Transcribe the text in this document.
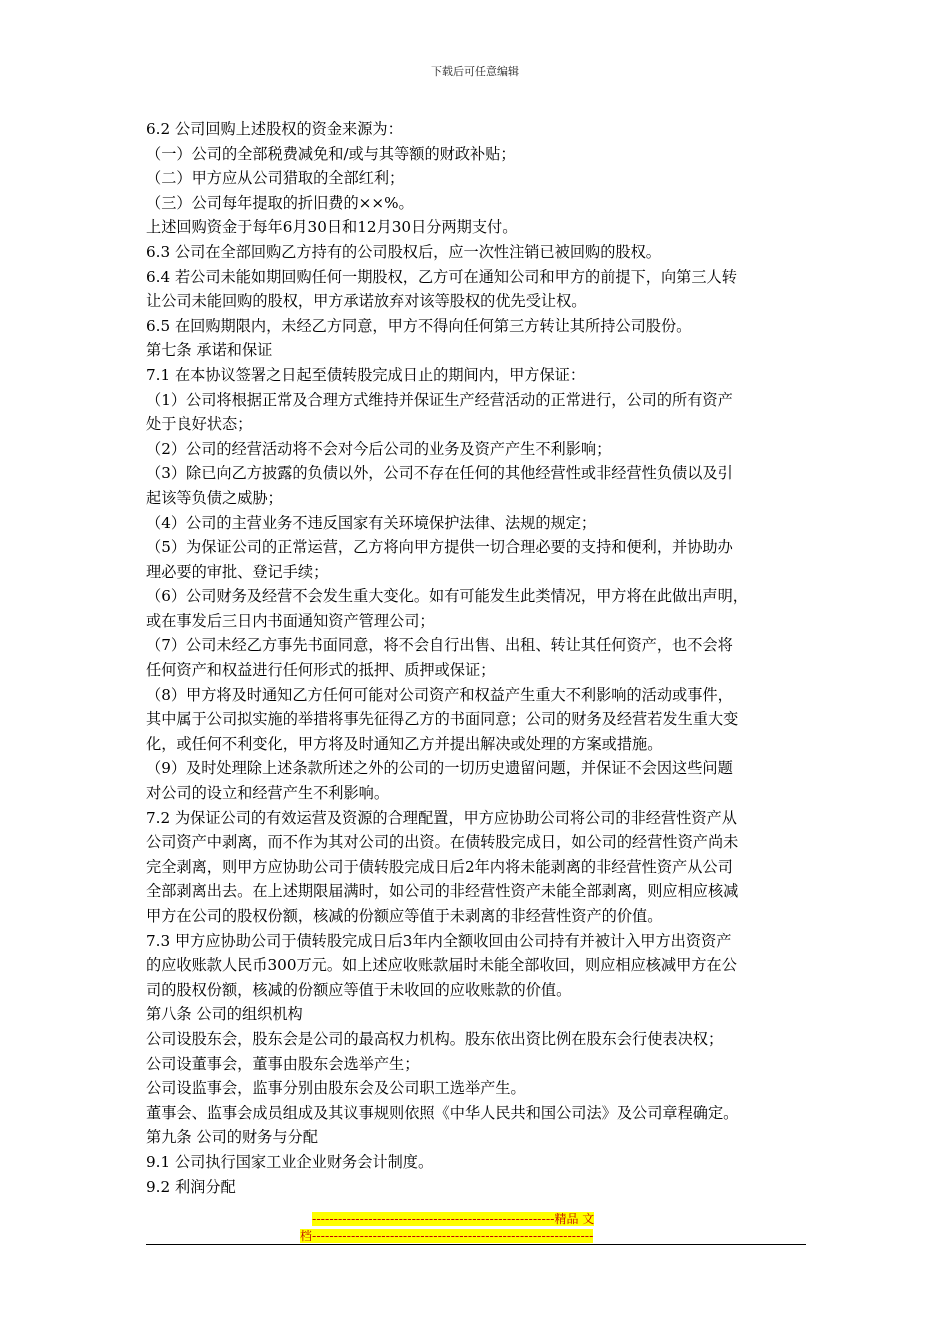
下载后可任意编辑
6.2 公司回购上述股权的资金来源为：
（一）公司的全部税费减免和/或与其等额的财政补贴；
（二）甲方应从公司猎取的全部红利；
（三）公司每年提取的折旧费的××%。
上述回购资金于每年6月30日和12月30日分两期支付。
6.3 公司在全部回购乙方持有的公司股权后，应一次性注销已被回购的股权。
6.4 若公司未能如期回购任何一期股权，乙方可在通知公司和甲方的前提下，向第三人转
让公司未能回购的股权，甲方承诺放弃对该等股权的优先受让权。
6.5 在回购期限内，未经乙方同意，甲方不得向任何第三方转让其所持公司股份。
第七条 承诺和保证
7.1 在本协议签署之日起至债转股完成日止的期间内，甲方保证：
（1）公司将根据正常及合理方式维持并保证生产经营活动的正常进行，公司的所有资产
处于良好状态；
（2）公司的经营活动将不会对今后公司的业务及资产产生不利影响；
（3）除已向乙方披露的负债以外，公司不存在任何的其他经营性或非经营性负债以及引
起该等负债之威胁；
（4）公司的主营业务不违反国家有关环境保护法律、法规的规定；
（5）为保证公司的正常运营，乙方将向甲方提供一切合理必要的支持和便利，并协助办
理必要的审批、登记手续；
（6）公司财务及经营不会发生重大变化。如有可能发生此类情况，甲方将在此做出声明，
或在事发后三日内书面通知资产管理公司；
（7）公司未经乙方事先书面同意，将不会自行出售、出租、转让其任何资产，也不会将
任何资产和权益进行任何形式的抵押、质押或保证；
（8）甲方将及时通知乙方任何可能对公司资产和权益产生重大不利影响的活动或事件，
其中属于公司拟实施的举措将事先征得乙方的书面同意；公司的财务及经营若发生重大变
化，或任何不利变化，甲方将及时通知乙方并提出解决或处理的方案或措施。
（9）及时处理除上述条款所述之外的公司的一切历史遗留问题，并保证不会因这些问题
对公司的设立和经营产生不利影响。
7.2 为保证公司的有效运营及资源的合理配置，甲方应协助公司将公司的非经营性资产从
公司资产中剥离，而不作为其对公司的出资。在债转股完成日，如公司的经营性资产尚未
完全剥离，则甲方应协助公司于债转股完成日后2年内将未能剥离的非经营性资产从公司
全部剥离出去。在上述期限届满时，如公司的非经营性资产未能全部剥离，则应相应核减
甲方在公司的股权份额，核减的份额应等值于未剥离的非经营性资产的价值。
7.3 甲方应协助公司于债转股完成日后3年内全额收回由公司持有并被计入甲方出资资产
的应收账款人民币300万元。如上述应收账款届时未能全部收回，则应相应核减甲方在公
司的股权份额，核减的份额应等值于未收回的应收账款的价值。
第八条 公司的组织机构
公司设股东会，股东会是公司的最高权力机构。股东依出资比例在股东会行使表决权；
公司设董事会，董事由股东会选举产生；
公司设监事会，监事分别由股东会及公司职工选举产生。
董事会、监事会成员组成及其议事规则依照《中华人民共和国公司法》及公司章程确定。
第九条 公司的财务与分配
9.1 公司执行国家工业企业财务会计制度。
9.2 利润分配
--------------------------------------------------------精品 文
档-----------------------------------------------------------------
